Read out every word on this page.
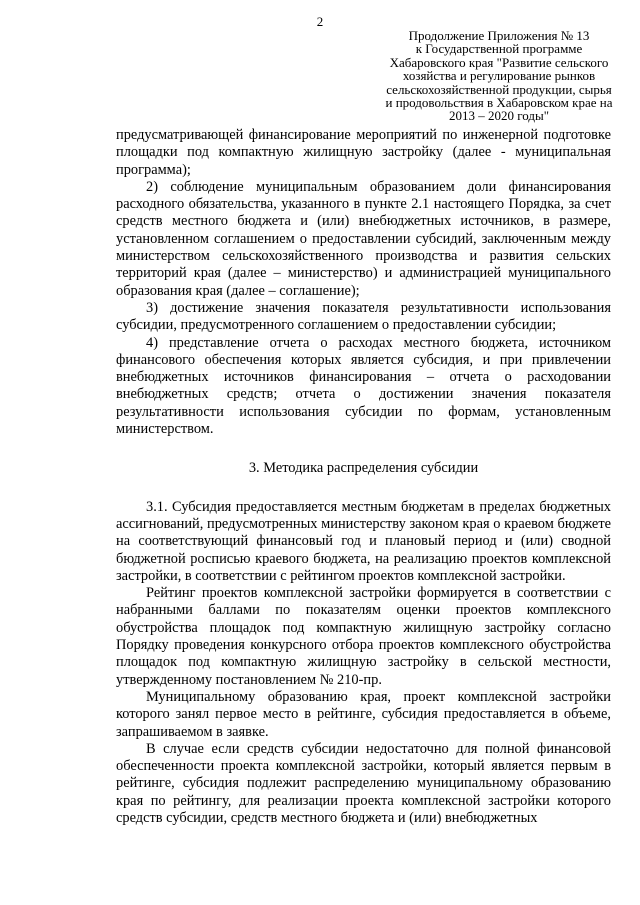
2
Продолжение Приложения № 13
к Государственной программе
Хабаровского края "Развитие сельского
хозяйства и регулирование рынков
сельскохозяйственной продукции, сырья
и продовольствия в Хабаровском крае на
2013 – 2020 годы"

предусматривающей финансирование мероприятий по инженерной подготовке площадки под компактную жилищную застройку (далее - муниципальная программа);

2) соблюдение муниципальным образованием доли финансирования расходного обязательства, указанного в пункте 2.1 настоящего Порядка, за счет средств местного бюджета и (или) внебюджетных источников, в размере, установленном соглашением о предоставлении субсидий, заключенным между министерством сельскохозяйственного производства и развития сельских территорий края (далее – министерство) и администрацией муниципального образования края (далее – соглашение);

3) достижение значения показателя результативности использования субсидии, предусмотренного соглашением о предоставлении субсидии;

4) представление отчета о расходах местного бюджета, источником финансового обеспечения которых является субсидия, и при привлечении внебюджетных источников финансирования – отчета о расходовании внебюджетных средств; отчета о достижении значения показателя результативности использования субсидии по формам, установленным министерством.

3. Методика распределения субсидии

3.1. Субсидия предоставляется местным бюджетам в пределах бюджетных ассигнований, предусмотренных министерству законом края о краевом бюджете на соответствующий финансовый год и плановый период и (или) сводной бюджетной росписью краевого бюджета, на реализацию проектов комплексной застройки, в соответствии с рейтингом проектов комплексной застройки.

Рейтинг проектов комплексной застройки формируется в соответствии с набранными баллами по показателям оценки проектов комплексного обустройства площадок под компактную жилищную застройку согласно Порядку проведения конкурсного отбора проектов комплексного обустройства площадок под компактную жилищную застройку в сельской местности, утвержденному постановлением № 210-пр.

Муниципальному образованию края, проект комплексной застройки которого занял первое место в рейтинге, субсидия предоставляется в объеме, запрашиваемом в заявке.

В случае если средств субсидии недостаточно для полной финансовой обеспеченности проекта комплексной застройки, который является первым в рейтинге, субсидия подлежит распределению муниципальному образованию края по рейтингу, для реализации проекта комплексной застройки которого средств субсидии, средств местного бюджета и (или) внебюджетных
